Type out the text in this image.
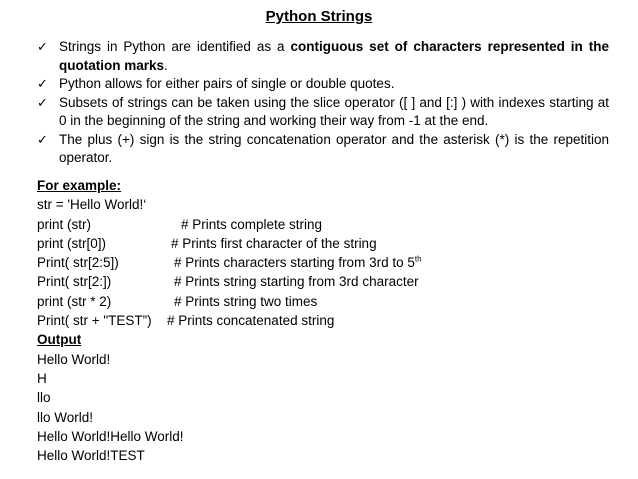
Python Strings
✓ Strings in Python are identified as a contiguous set of characters represented in the quotation marks.
✓ Python allows for either pairs of single or double quotes.
✓ Subsets of strings can be taken using the slice operator ([ ] and [:] ) with indexes starting at 0 in the beginning of the string and working their way from -1 at the end.
✓ The plus (+) sign is the string concatenation operator and the asterisk (*) is the repetition operator.
For example:
str = 'Hello World!‘
print (str)	# Prints complete string
print (str[0])	# Prints first character of the string
Print( str[2:5])	# Prints characters starting from 3rd to 5th
Print( str[2:])	# Prints string starting from 3rd character
print (str * 2)	# Prints string two times
Print( str + "TEST”) # Prints concatenated string
Output
Hello World!
H
llo
llo World!
Hello World!Hello World!
Hello World!TEST
